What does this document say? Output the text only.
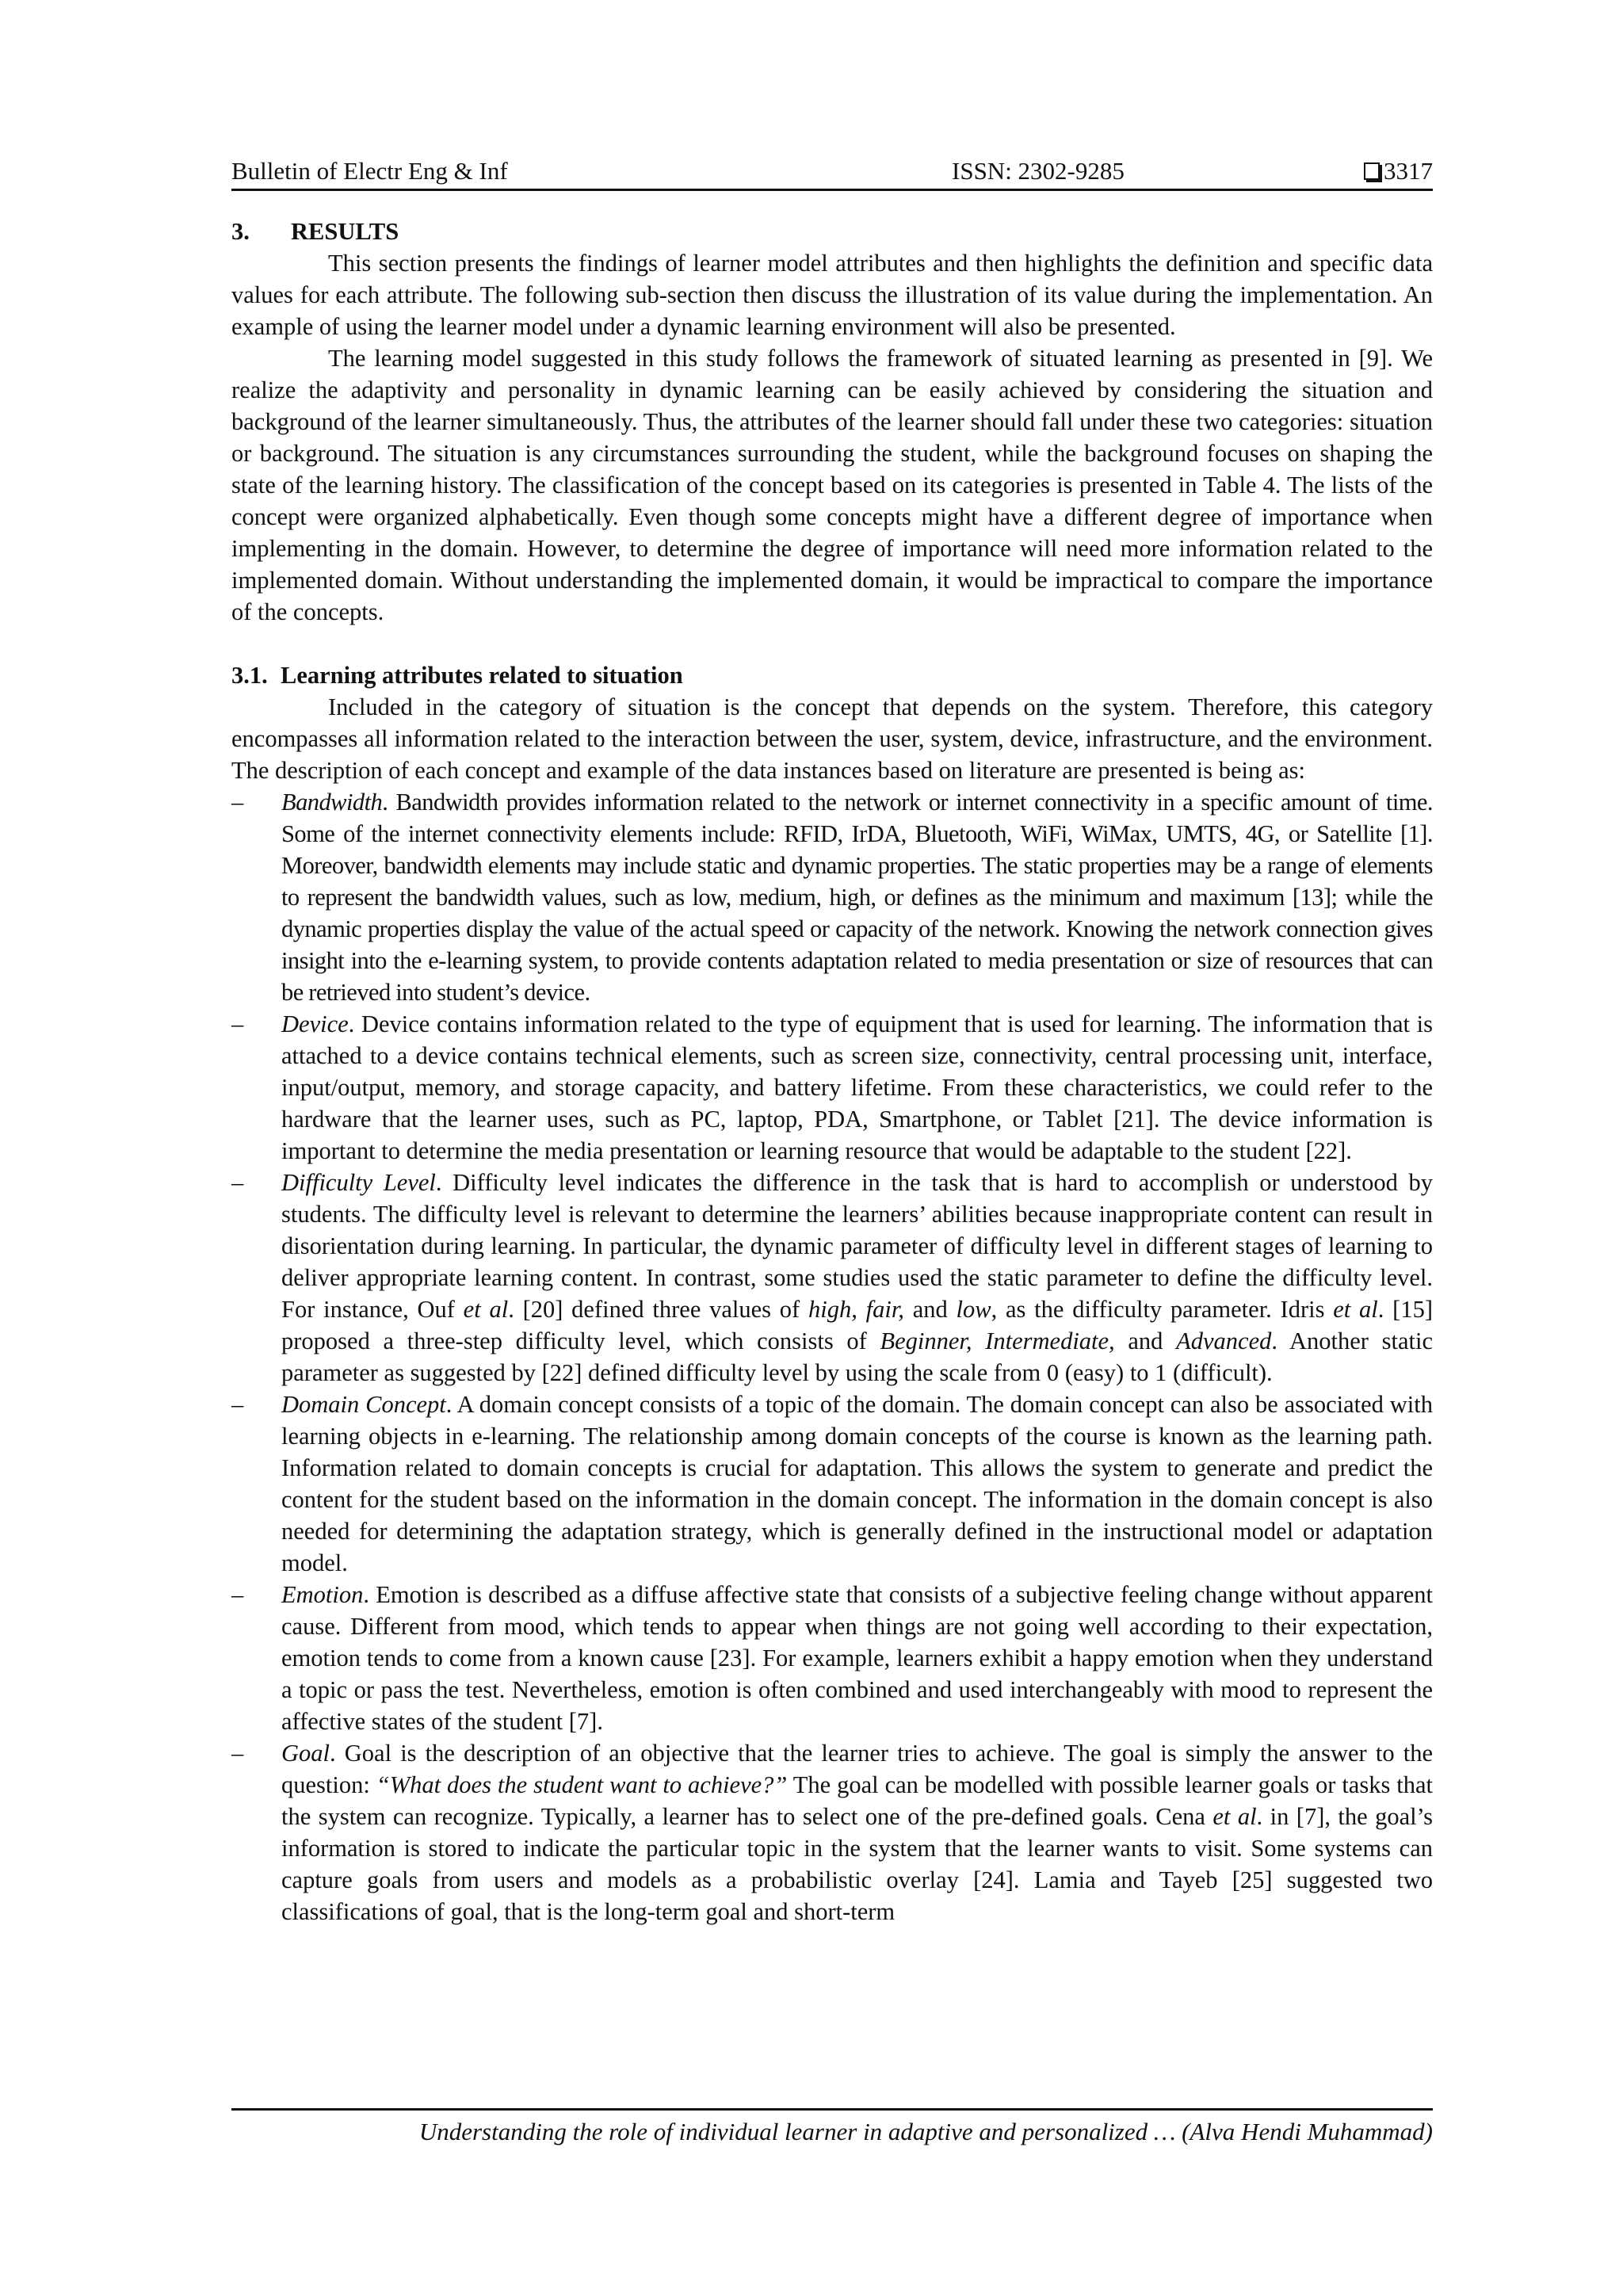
Bulletin of Electr Eng & Inf	ISSN: 2302-9285	3317
3. RESULTS

This section presents the findings of learner model attributes and then highlights the definition and specific data values for each attribute. The following sub-section then discuss the illustration of its value during the implementation. An example of using the learner model under a dynamic learning environment will also be presented.

The learning model suggested in this study follows the framework of situated learning as presented in [9]. We realize the adaptivity and personality in dynamic learning can be easily achieved by considering the situation and background of the learner simultaneously. Thus, the attributes of the learner should fall under these two categories: situation or background. The situation is any circumstances surrounding the student, while the background focuses on shaping the state of the learning history. The classification of the concept based on its categories is presented in Table 4. The lists of the concept were organized alphabetically. Even though some concepts might have a different degree of importance when implementing in the domain. However, to determine the degree of importance will need more information related to the implemented domain. Without understanding the implemented domain, it would be impractical to compare the importance of the concepts.

3.1. Learning attributes related to situation

Included in the category of situation is the concept that depends on the system. Therefore, this category encompasses all information related to the interaction between the user, system, device, infrastructure, and the environment. The description of each concept and example of the data instances based on literature are presented is being as:

– Bandwidth. Bandwidth provides information related to the network or internet connectivity in a specific amount of time. Some of the internet connectivity elements include: RFID, IrDA, Bluetooth, WiFi, WiMax, UMTS, 4G, or Satellite [1]. Moreover, bandwidth elements may include static and dynamic properties. The static properties may be a range of elements to represent the bandwidth values, such as low, medium, high, or defines as the minimum and maximum [13]; while the dynamic properties display the value of the actual speed or capacity of the network. Knowing the network connection gives insight into the e-learning system, to provide contents adaptation related to media presentation or size of resources that can be retrieved into student’s device.
– Device. Device contains information related to the type of equipment that is used for learning. The information that is attached to a device contains technical elements, such as screen size, connectivity, central processing unit, interface, input/output, memory, and storage capacity, and battery lifetime. From these characteristics, we could refer to the hardware that the learner uses, such as PC, laptop, PDA, Smartphone, or Tablet [21]. The device information is important to determine the media presentation or learning resource that would be adaptable to the student [22].
– Difficulty Level. Difficulty level indicates the difference in the task that is hard to accomplish or understood by students. The difficulty level is relevant to determine the learners’ abilities because inappropriate content can result in disorientation during learning. In particular, the dynamic parameter of difficulty level in different stages of learning to deliver appropriate learning content. In contrast, some studies used the static parameter to define the difficulty level. For instance, Ouf et al. [20] defined three values of high, fair, and low, as the difficulty parameter. Idris et al. [15] proposed a three-step difficulty level, which consists of Beginner, Intermediate, and Advanced. Another static parameter as suggested by [22] defined difficulty level by using the scale from 0 (easy) to 1 (difficult).
– Domain Concept. A domain concept consists of a topic of the domain. The domain concept can also be associated with learning objects in e-learning. The relationship among domain concepts of the course is known as the learning path. Information related to domain concepts is crucial for adaptation. This allows the system to generate and predict the content for the student based on the information in the domain concept. The information in the domain concept is also needed for determining the adaptation strategy, which is generally defined in the instructional model or adaptation model.
– Emotion. Emotion is described as a diffuse affective state that consists of a subjective feeling change without apparent cause. Different from mood, which tends to appear when things are not going well according to their expectation, emotion tends to come from a known cause [23]. For example, learners exhibit a happy emotion when they understand a topic or pass the test. Nevertheless, emotion is often combined and used interchangeably with mood to represent the affective states of the student [7].
– Goal. Goal is the description of an objective that the learner tries to achieve. The goal is simply the answer to the question: “What does the student want to achieve?” The goal can be modelled with possible learner goals or tasks that the system can recognize. Typically, a learner has to select one of the pre-defined goals. Cena et al. in [7], the goal’s information is stored to indicate the particular topic in the system that the learner wants to visit. Some systems can capture goals from users and models as a probabilistic overlay [24]. Lamia and Tayeb [25] suggested two classifications of goal, that is the long-term goal and short-term
Understanding the role of individual learner in adaptive and personalized … (Alva Hendi Muhammad)
